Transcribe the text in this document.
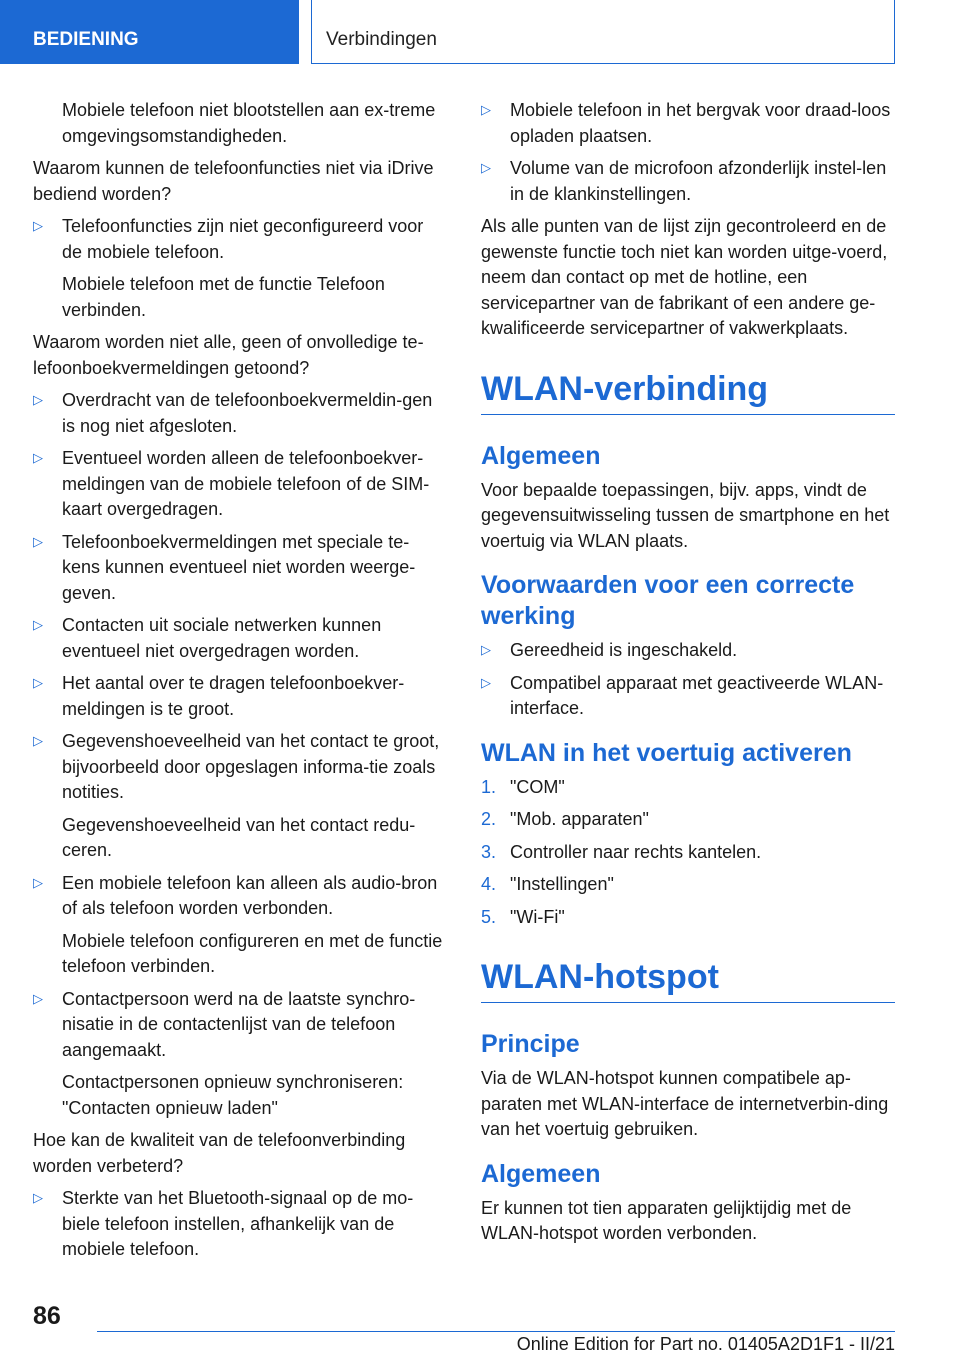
BEDIENING	Verbindingen

Mobiele telefoon niet blootstellen aan ex-treme omgevingsomstandigheden.

Waarom kunnen de telefoonfuncties niet via iDrive bediend worden?

▷ Telefoonfuncties zijn niet geconfigureerd voor de mobiele telefoon.
Mobiele telefoon met de functie Telefoon verbinden.

Waarom worden niet alle, geen of onvolledige te-lefoonboekvermeldingen getoond?

▷ Overdracht van de telefoonboekvermeldin-gen is nog niet afgesloten.
▷ Eventueel worden alleen de telefoonboekver-meldingen van de mobiele telefoon of de SIM-kaart overgedragen.
▷ Telefoonboekvermeldingen met speciale te-kens kunnen eventueel niet worden weerge-geven.
▷ Contacten uit sociale netwerken kunnen eventueel niet overgedragen worden.
▷ Het aantal over te dragen telefoonboekver-meldingen is te groot.
▷ Gegevenshoeveelheid van het contact te groot, bijvoorbeeld door opgeslagen informa-tie zoals notities.
Gegevenshoeveelheid van het contact redu-ceren.
▷ Een mobiele telefoon kan alleen als audio-bron of als telefoon worden verbonden.
Mobiele telefoon configureren en met de functie telefoon verbinden.
▷ Contactpersoon werd na de laatste synchro-nisatie in de contactenlijst van de telefoon aangemaakt.
Contactpersonen opnieuw synchroniseren: "Contacten opnieuw laden"

Hoe kan de kwaliteit van de telefoonverbinding worden verbeterd?

▷ Sterkte van het Bluetooth-signaal op de mo-biele telefoon instellen, afhankelijk van de mobiele telefoon.
▷ Mobiele telefoon in het bergvak voor draad-loos opladen plaatsen.
▷ Volume van de microfoon afzonderlijk instel-len in de klankinstellingen.

Als alle punten van de lijst zijn gecontroleerd en de gewenste functie toch niet kan worden uitge-voerd, neem dan contact op met de hotline, een servicepartner van de fabrikant of een andere ge-kwalificeerde servicepartner of vakwerkplaats.

WLAN-verbinding
Algemeen

Voor bepaalde toepassingen, bijv. apps, vindt de gegevensuitwisseling tussen de smartphone en het voertuig via WLAN plaats.

Voorwaarden voor een correcte werking
▷ Gereedheid is ingeschakeld.
▷ Compatibel apparaat met geactiveerde WLAN-interface.
WLAN in het voertuig activeren
1. "COM"
2. "Mob. apparaten"
3. Controller naar rechts kantelen.
4. "Instellingen"
5. "Wi-Fi"
WLAN-hotspot
Principe

Via de WLAN-hotspot kunnen compatibele ap-paraten met WLAN-interface de internetverbin-ding van het voertuig gebruiken.

Algemeen

Er kunnen tot tien apparaten gelijktijdig met de WLAN-hotspot worden verbonden.

86
Online Edition for Part no. 01405A2D1F1 - II/21
